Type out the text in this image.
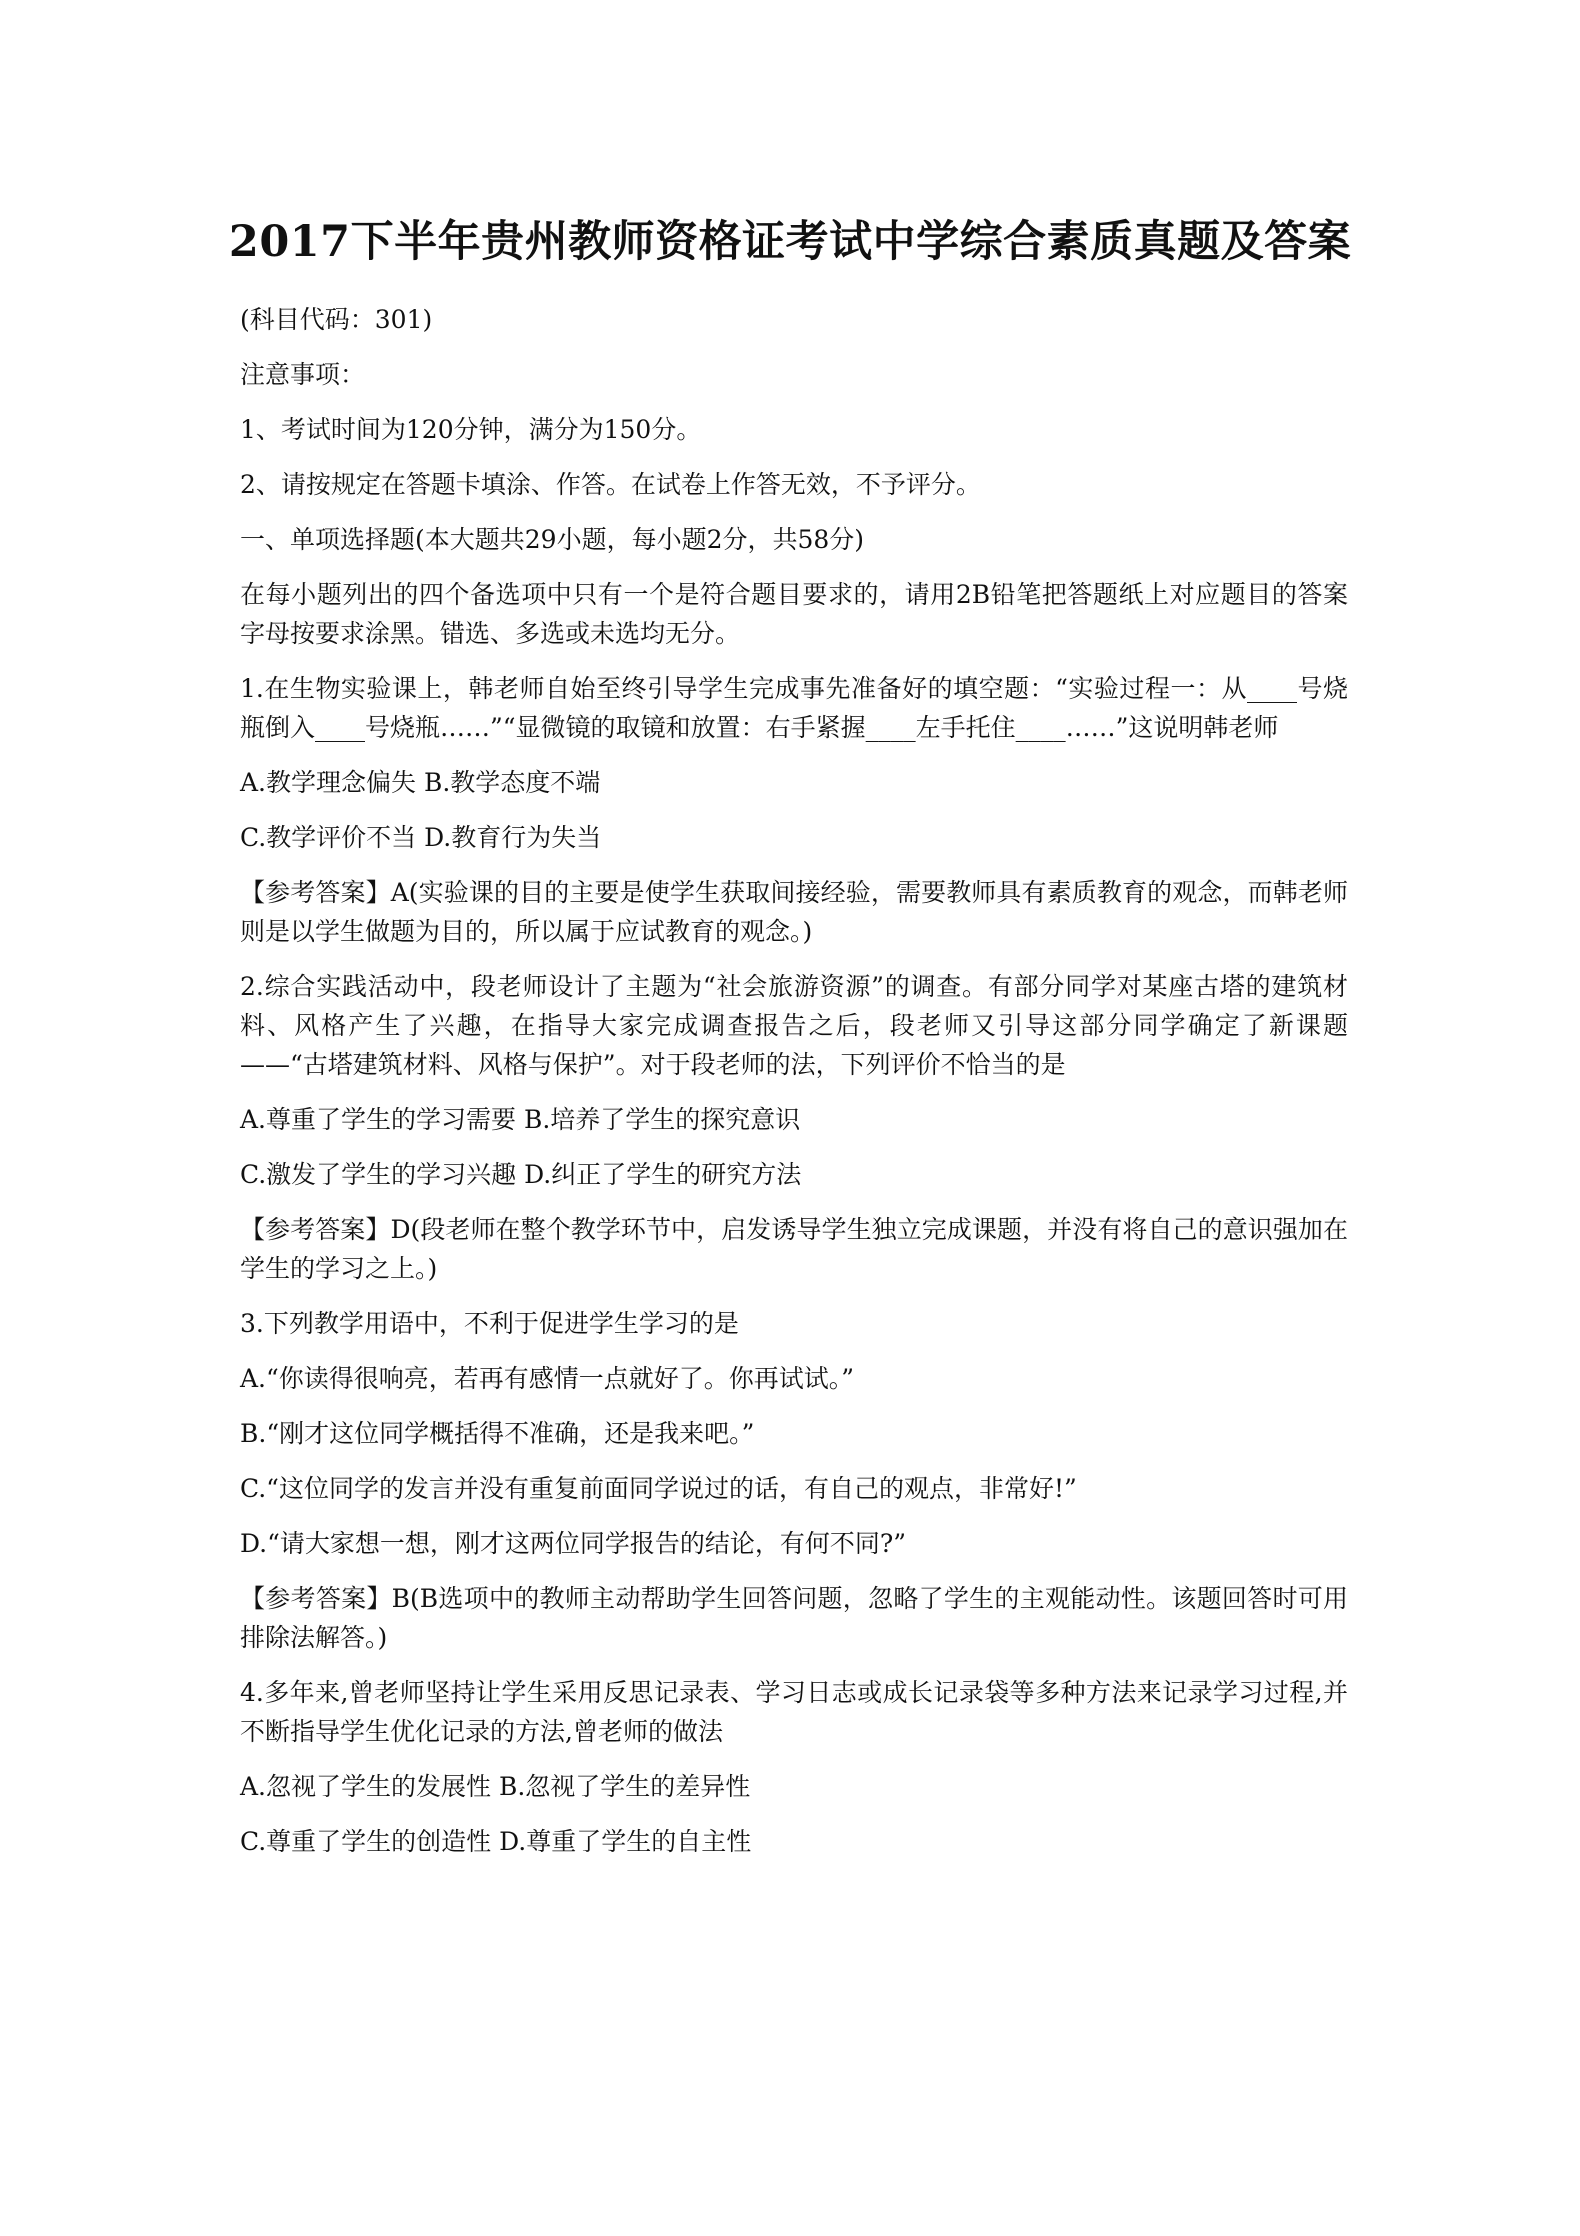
2017下半年贵州教师资格证考试中学综合素质真题及答案

(科目代码：301)

注意事项：

1、考试时间为120分钟，满分为150分。

2、请按规定在答题卡填涂、作答。在试卷上作答无效，不予评分。

一、单项选择题(本大题共29小题，每小题2分，共58分)

在每小题列出的四个备选项中只有一个是符合题目要求的，请用2B铅笔把答题纸上对应题目的答案字母按要求涂黑。错选、多选或未选均无分。

1.在生物实验课上，韩老师自始至终引导学生完成事先准备好的填空题：“实验过程一：从____号烧瓶倒入____号烧瓶……”“显微镜的取镜和放置：右手紧握____左手托住____……”这说明韩老师

A.教学理念偏失 B.教学态度不端

C.教学评价不当 D.教育行为失当

【参考答案】A(实验课的目的主要是使学生获取间接经验，需要教师具有素质教育的观念，而韩老师则是以学生做题为目的，所以属于应试教育的观念。)

2.综合实践活动中，段老师设计了主题为“社会旅游资源”的调查。有部分同学对某座古塔的建筑材料、风格产生了兴趣，在指导大家完成调查报告之后，段老师又引导这部分同学确定了新课题——“古塔建筑材料、风格与保护”。对于段老师的法，下列评价不恰当的是

A.尊重了学生的学习需要 B.培养了学生的探究意识

C.激发了学生的学习兴趣 D.纠正了学生的研究方法

【参考答案】D(段老师在整个教学环节中，启发诱导学生独立完成课题，并没有将自己的意识强加在学生的学习之上。)

3.下列教学用语中，不利于促进学生学习的是

A.“你读得很响亮，若再有感情一点就好了。你再试试。”

B.“刚才这位同学概括得不准确，还是我来吧。”

C.“这位同学的发言并没有重复前面同学说过的话，有自己的观点，非常好!”

D.“请大家想一想，刚才这两位同学报告的结论，有何不同?”

【参考答案】B(B选项中的教师主动帮助学生回答问题，忽略了学生的主观能动性。该题回答时可用排除法解答。)

4.多年来,曾老师坚持让学生采用反思记录表、学习日志或成长记录袋等多种方法来记录学习过程,并不断指导学生优化记录的方法,曾老师的做法

A.忽视了学生的发展性 B.忽视了学生的差异性

C.尊重了学生的创造性 D.尊重了学生的自主性
